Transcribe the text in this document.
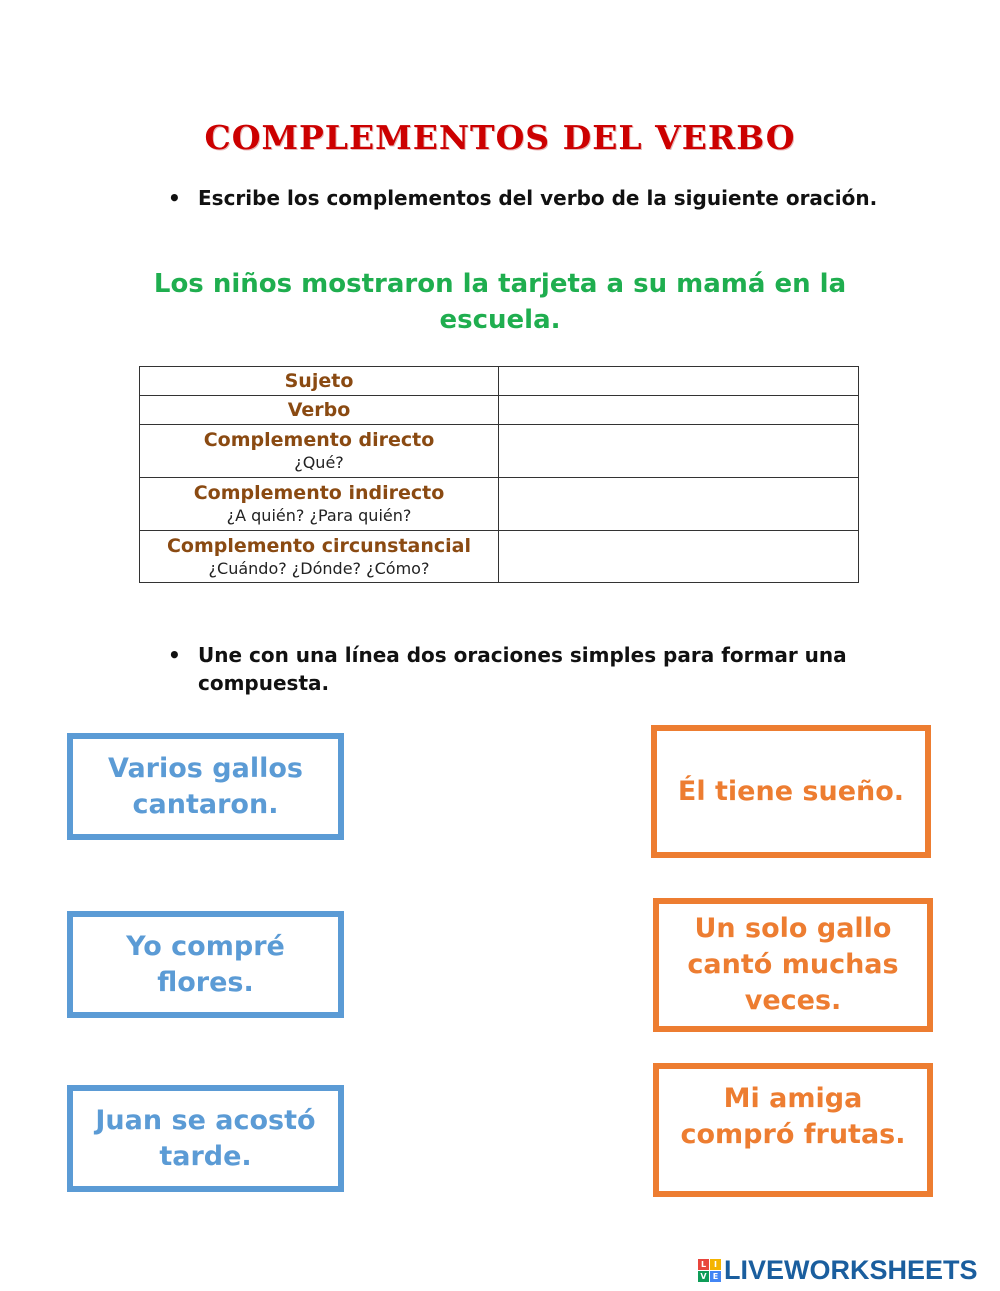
COMPLEMENTOS DEL VERBO
• Escribe los complementos del verbo de la siguiente oración.
Los niños mostraron la tarjeta a su mamá en la escuela.
Sujeto	

Verbo	

Complemento directo
¿Qué?	

Complemento indirecto
¿A quién? ¿Para quién?	

Complemento circunstancial
¿Cuándo? ¿Dónde? ¿Cómo?	

• Une con una línea dos oraciones simples para formar una compuesta.
Varios gallos cantaron.
Yo compré flores.
Juan se acostó tarde.
Él tiene sueño.
Un solo gallo cantó muchas veces.
Mi amiga compró frutas.
L I
V E LIVEWORKSHEETS
